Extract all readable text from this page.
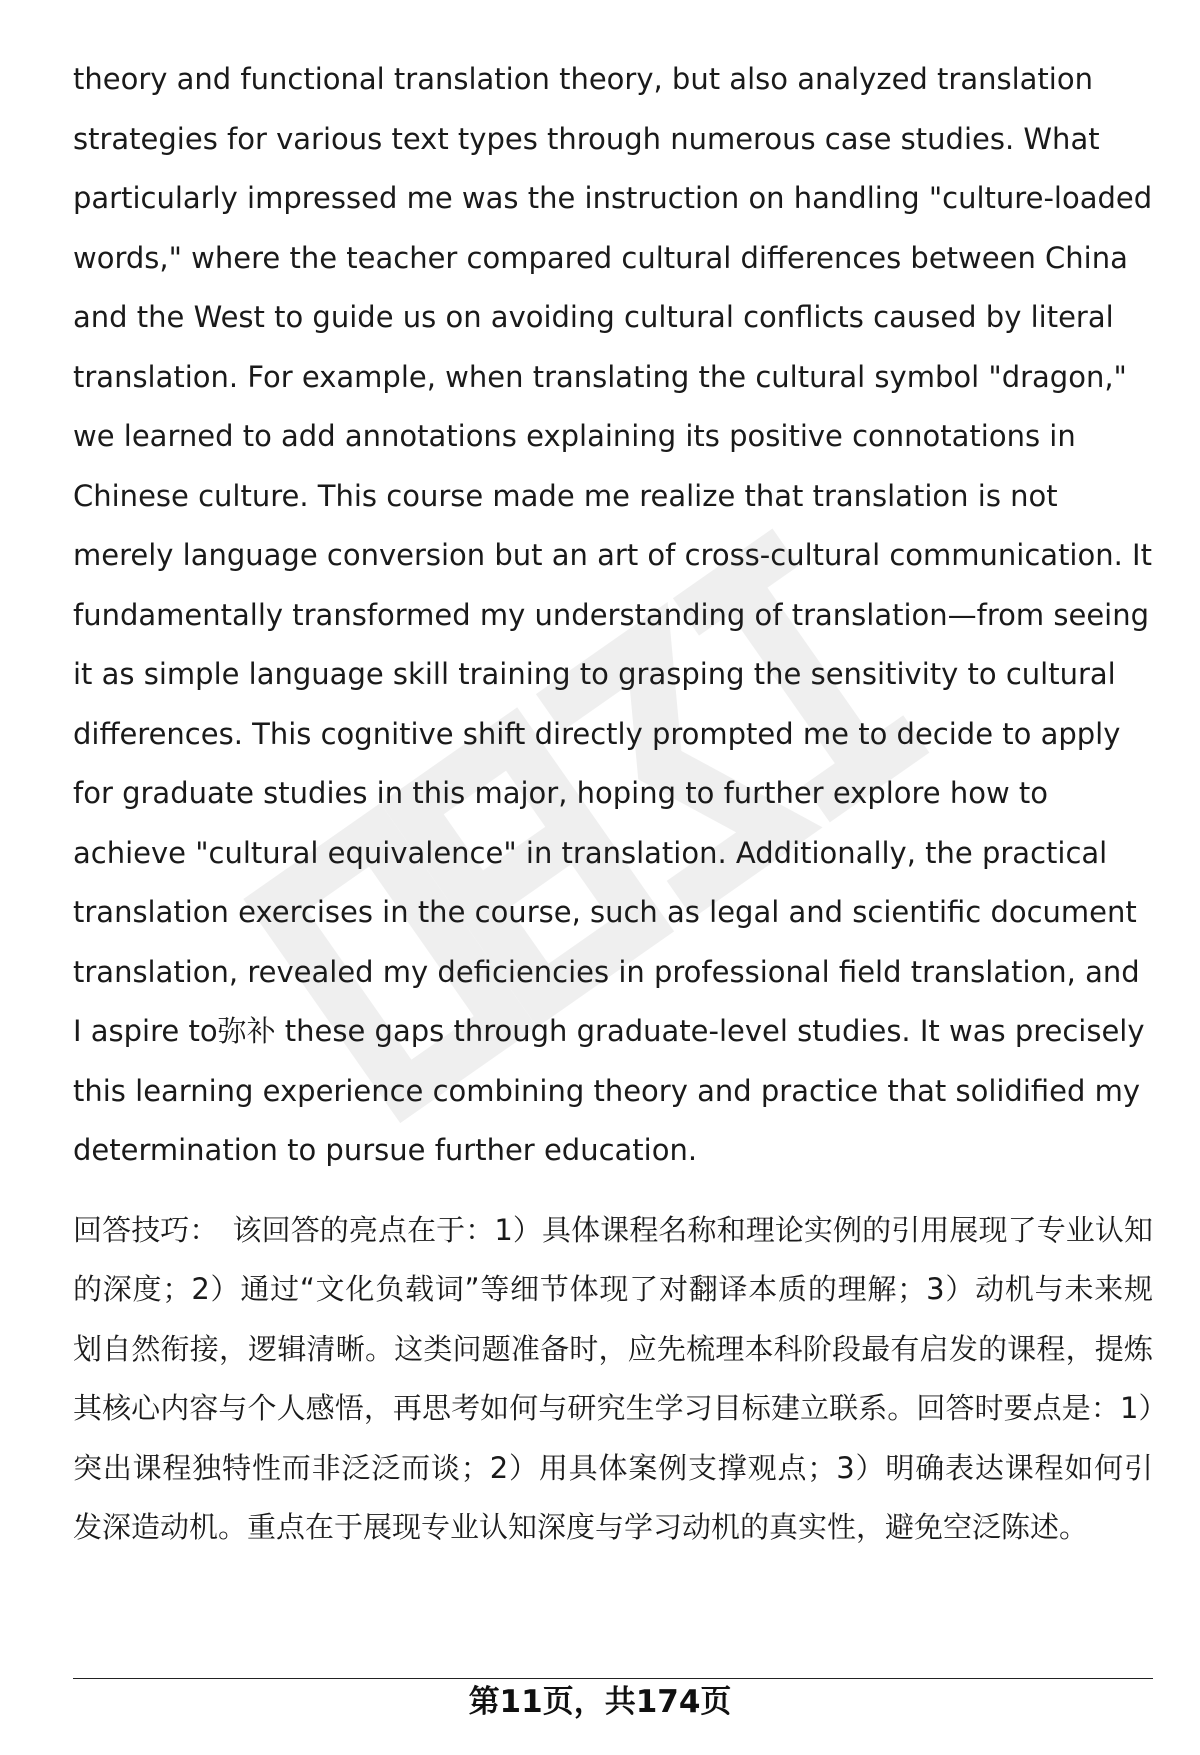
theory and functional translation theory, but also analyzed translation strategies for various text types through numerous case studies. What particularly impressed me was the instruction on handling "culture-loaded words," where the teacher compared cultural differences between China and the West to guide us on avoiding cultural conflicts caused by literal translation. For example, when translating the cultural symbol "dragon," we learned to add annotations explaining its positive connotations in Chinese culture. This course made me realize that translation is not merely language conversion but an art of cross-cultural communication. It fundamentally transformed my understanding of translation—from seeing it as simple language skill training to grasping the sensitivity to cultural differences. This cognitive shift directly prompted me to decide to apply for graduate studies in this major, hoping to further explore how to achieve "cultural equivalence" in translation. Additionally, the practical translation exercises in the course, such as legal and scientific document translation, revealed my deficiencies in professional field translation, and I aspire to弥补 these gaps through graduate-level studies. It was precisely this learning experience combining theory and practice that solidified my determination to pursue further education.

回答技巧： 该回答的亮点在于：1）具体课程名称和理论实例的引用展现了专业认知的深度；2）通过“文化负载词”等细节体现了对翻译本质的理解；3）动机与未来规划自然衔接，逻辑清晰。这类问题准备时，应先梳理本科阶段最有启发的课程，提炼其核心内容与个人感悟，再思考如何与研究生学习目标建立联系。回答时要点是：1）突出课程独特性而非泛泛而谈；2）用具体案例支撑观点；3）明确表达课程如何引发深造动机。重点在于展现专业认知深度与学习动机的真实性，避免空泛陈述。

第11页，共174页
